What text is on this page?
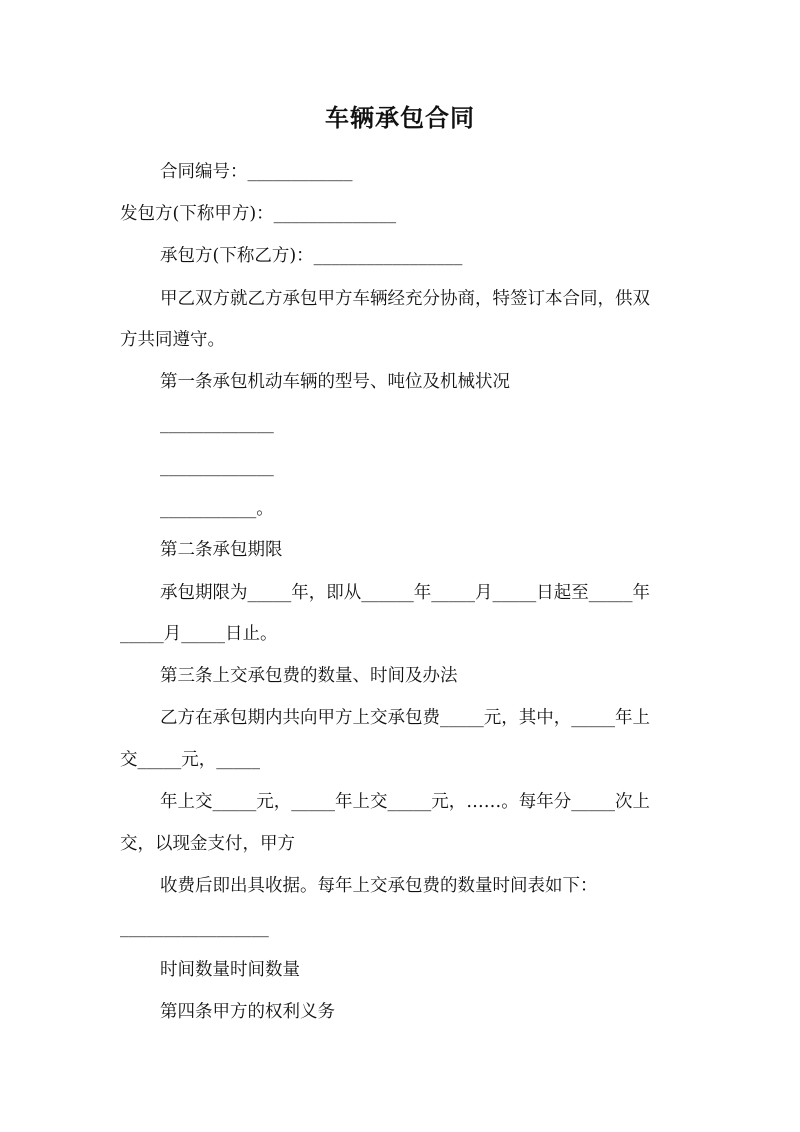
车辆承包合同
合同编号：____________
发包方(下称甲方)：______________
承包方(下称乙方)：_________________
甲乙双方就乙方承包甲方车辆经充分协商，特签订本合同，供双
方共同遵守。
第一条承包机动车辆的型号、吨位及机械状况
_____________
_____________
___________。
第二条承包期限
承包期限为_____年，即从______年_____月_____日起至_____年
_____月_____日止。
第三条上交承包费的数量、时间及办法
乙方在承包期内共向甲方上交承包费_____元，其中，_____年上
交_____元，_____
年上交_____元，_____年上交_____元，……。每年分_____次上
交，以现金支付，甲方
收费后即出具收据。每年上交承包费的数量时间表如下：
_________________
时间数量时间数量
第四条甲方的权利义务
